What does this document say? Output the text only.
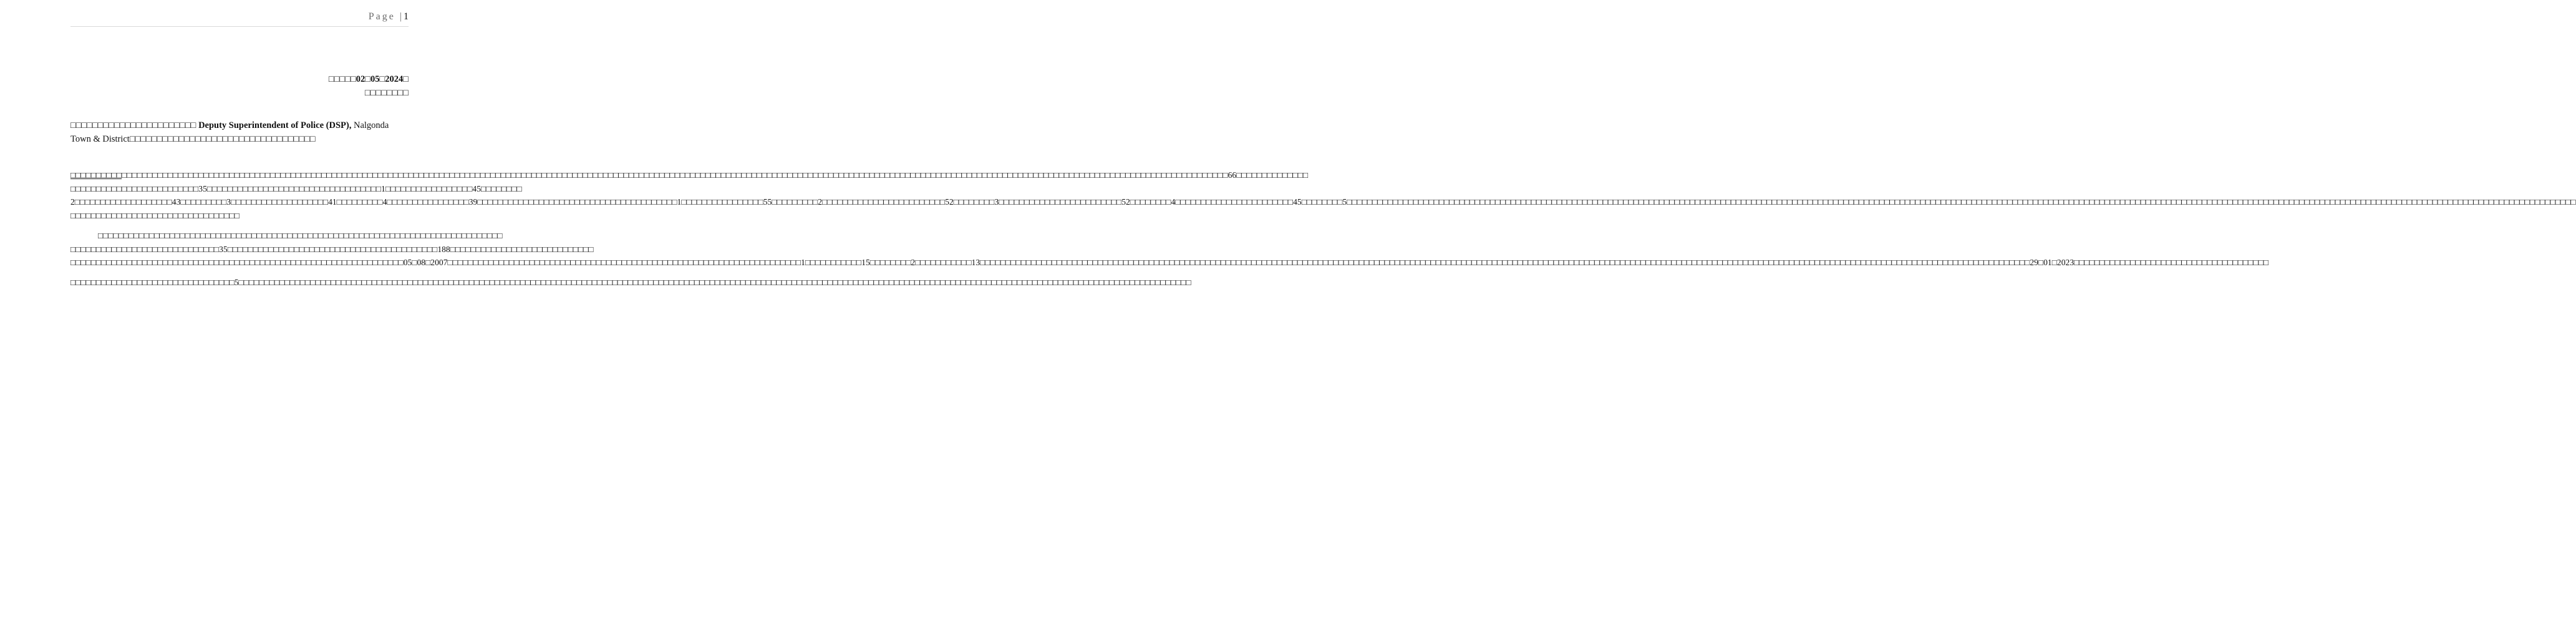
Page |1
□□□□□02□05□2024□
□□□□□□□□
□□□□□□□□□□□□□□□□□□□□□□□ Deputy Superintendent of Police (DSP), Nalgonda Town & District□□□□□□□□□□□□□□□□□□□□□□□□□□□□□□□□□□

□□□□□□□□□□□□□□□□□□□□□□□□□□□□□□□□□□□□□□□□□□□□□□□□□□□□□□□□□□□□□□□□□□□□□□□□□□□□□□□□□□□□□□□□□□□□□□□□□□□□□□□□□□□□□□□□□□□□□□□□□□□□□□□□□□□□□□□□□□□□□□□□□□□□□□□□□□□□□□□□□□□□□□□□□□□□□□□□□□□□□□□□□□□□□□□□□□□□□□□□□□□□□□□□□□□□□□□□□□□□□□□□□□66□□□□□□□□□□□□□□

□□□□□□□□□□□□□□□□□□□□□□□□□35□□□□□□□□□□□□□□□□□□□□□□□□□□□□□□□□□□1□□□□□□□□□□□□□□□□□45□□□□□□□□

2□□□□□□□□□□□□□□□□□□□43□□□□□□□□□3□□□□□□□□□□□□□□□□□□□41□□□□□□□□□4□□□□□□□□□□□□□□□□39□□□□□□□□□□□□□□□□□□□□□□□□□□□□□□□□□□□□□□□1□□□□□□□□□□□□□□□□55□□□□□□□□□2□□□□□□□□□□□□□□□□□□□□□□□□52□□□□□□□□3□□□□□□□□□□□□□□□□□□□□□□□□52□□□□□□□□4□□□□□□□□□□□□□□□□□□□□□□□45□□□□□□□□5□□□□□□□□□□□□□□□□□□□□□□□□□□□□□□□□□□□□□□□□□□□□□□□□□□□□□□□□□□□□□□□□□□□□□□□□□□□□□□□□□□□□□□□□□□□□□□□□□□□□□□□□□□□□□□□□□□□□□□□□□□□□□□□□□□□□□□□□□□□□□□□□□□□□□□□□□□□□□□□□□□□□□□□□□□□□□□□□□□□□□□□□□□□□□□□□□□□□□□□□□□□□□□□□□□□□□□□□□□□□□□□□□□□□□□□□□□□□□□□□

□□□□□□□□□□□□□□□□□□□□□□□□□□□□□□□□□

□□□□□□□□□□□□□□□□□□□□□□□□□□□□□□□□□□□□□□□□□□□□□□□□□□□□□□□□□□□□□□□□□□□□□□□□□□□□□□□

□□□□□□□□□□□□□□□□□□□□□□□□□□□□□35□□□□□□□□□□□□□□□□□□□□□□□□□□□□□□□□□□□□□□□□□188□□□□□□□□□□□□□□□□□□□□□□□□□□□□

□□□□□□□□□□□□□□□□□□□□□□□□□□□□□□□□□□□□□□□□□□□□□□□□□□□□□□□□□□□□□□□□□05□08□2007□□□□□□□□□□□□□□□□□□□□□□□□□□□□□□□□□□□□□□□□□□□□□□□□□□□□□□□□□□□□□□□□□□□□□1□□□□□□□□□□□15□□□□□□□□2□□□□□□□□□□□13□□□□□□□□□□□□□□□□□□□□□□□□□□□□□□□□□□□□□□□□□□□□□□□□□□□□□□□□□□□□□□□□□□□□□□□□□□□□□□□□□□□□□□□□□□□□□□□□□□□□□□□□□□□□□□□□□□□□□□□□□□□□□□□□□□□□□□□□□□□□□□□□□□□□□□□□□□□□□□□□□□□□□□□□□□□□□□□□□□□□□□□□□□□□□□□□□□□□□□□□□□□□□29□01□2023□□□□□□□□□□□□□□□□□□□□□□□□□□□□□□□□□□□□□□

□□□□□□□□□□□□□□□□□□□□□□□□□□□□□□□□5□□□□□□□□□□□□□□□□□□□□□□□□□□□□□□□□□□□□□□□□□□□□□□□□□□□□□□□□□□□□□□□□□□□□□□□□□□□□□□□□□□□□□□□□□□□□□□□□□□□□□□□□□□□□□□□□□□□□□□□□□□□□□□□□□□□□□□□□□□□□□□□□□□□□□□□□□□□□□□□□□□□□□□□□□□□□□□□□□□□□□□□□□□
